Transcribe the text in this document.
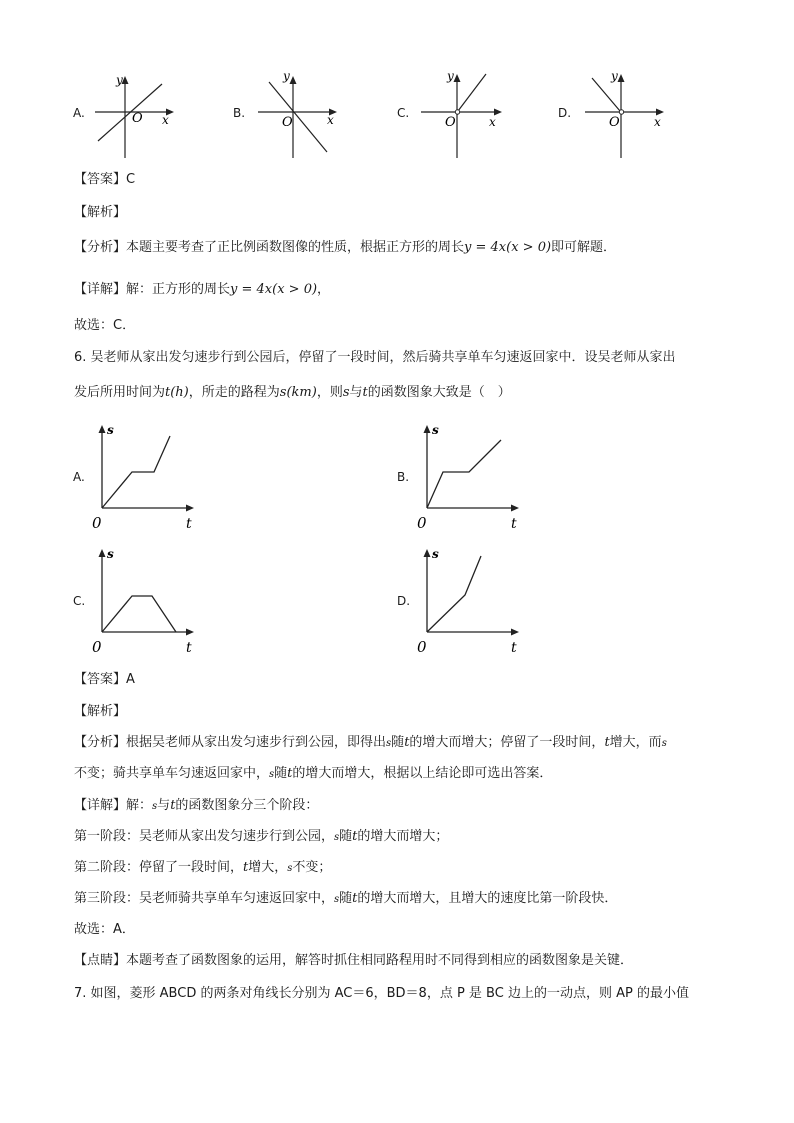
A.
y
x
O	B.
y
x
O
C.
y
x
O
D.
y
x
O
【答案】C
【解析】
【分析】本题主要考查了正比例函数图像的性质，根据正方形的周长y = 4x(x > 0)即可解题．
【详解】解：正方形的周长y = 4x(x > 0)，
故选：C．
6. 吴老师从家出发匀速步行到公园后，停留了一段时间，然后骑共享单车匀速返回家中．设吴老师从家出
发后所用时间为t(h)，所走的路程为s(km)，则s与t的函数图象大致是（　）
A.
s
t
0
B.
s
t
0
C.
s
t
0
D.
s
t
0
【答案】A
【解析】
【分析】根据吴老师从家出发匀速步行到公园，即得出s随t的增大而增大；停留了一段时间，t增大，而s
不变；骑共享单车匀速返回家中，s随t的增大而增大，根据以上结论即可选出答案．
【详解】解：s与t的函数图象分三个阶段：
第一阶段：吴老师从家出发匀速步行到公园，s随t的增大而增大；
第二阶段：停留了一段时间，t增大，s不变；
第三阶段：吴老师骑共享单车匀速返回家中，s随t的增大而增大，且增大的速度比第一阶段快．
故选：A．
【点睛】本题考查了函数图象的运用，解答时抓住相同路程用时不同得到相应的函数图象是关键．
7. 如图，菱形 ABCD 的两条对角线长分别为 AC＝6，BD＝8，点 P 是 BC 边上的一动点，则 AP 的最小值
